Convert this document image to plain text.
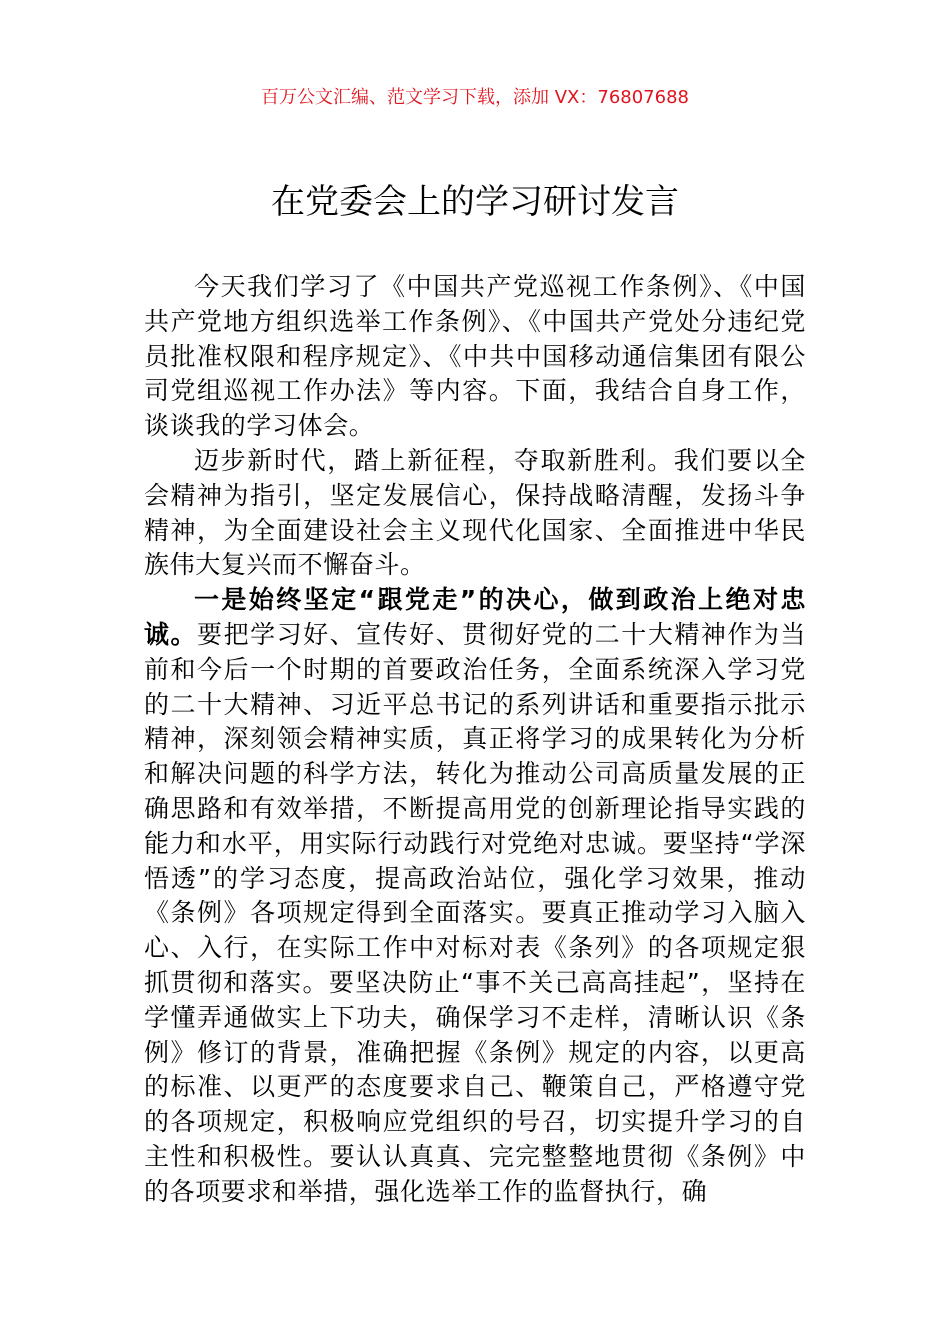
百万公文汇编、范文学习下载，添加 VX：76807688
在党委会上的学习研讨发言

今天我们学习了《中国共产党巡视工作条例》、《中国共产党地方组织选举工作条例》、《中国共产党处分违纪党员批准权限和程序规定》、《中共中国移动通信集团有限公司党组巡视工作办法》等内容。下面，我结合自身工作，谈谈我的学习体会。

迈步新时代，踏上新征程，夺取新胜利。我们要以全会精神为指引，坚定发展信心，保持战略清醒，发扬斗争精神，为全面建设社会主义现代化国家、全面推进中华民族伟大复兴而不懈奋斗。

一是始终坚定“跟党走”的决心，做到政治上绝对忠诚。要把学习好、宣传好、贯彻好党的二十大精神作为当前和今后一个时期的首要政治任务，全面系统深入学习党的二十大精神、习近平总书记的系列讲话和重要指示批示精神，深刻领会精神实质，真正将学习的成果转化为分析和解决问题的科学方法，转化为推动公司高质量发展的正确思路和有效举措，不断提高用党的创新理论指导实践的能力和水平，用实际行动践行对党绝对忠诚。要坚持“学深悟透”的学习态度，提高政治站位，强化学习效果，推动《条例》各项规定得到全面落实。要真正推动学习入脑入心、入行，在实际工作中对标对表《条列》的各项规定狠抓贯彻和落实。要坚决防止“事不关己高高挂起”，坚持在学懂弄通做实上下功夫，确保学习不走样，清晰认识《条例》修订的背景，准确把握《条例》规定的内容，以更高的标准、以更严的态度要求自己、鞭策自己，严格遵守党的各项规定，积极响应党组织的号召，切实提升学习的自主性和积极性。要认认真真、完完整整地贯彻《条例》中的各项要求和举措，强化选举工作的监督执行，确
